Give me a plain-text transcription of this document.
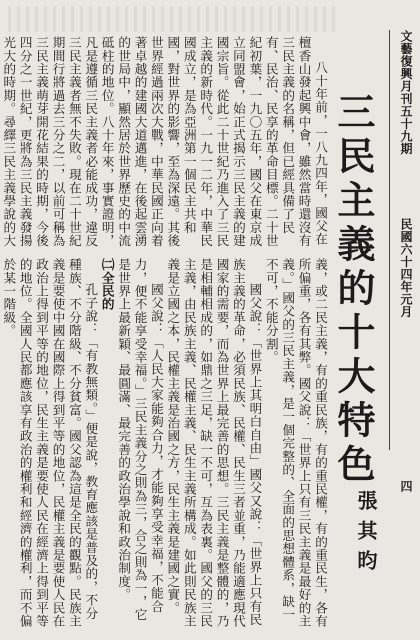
文藝復興月刊五十九期
民國六十四年元月
四
三民主義的十大特色
張其昀

八十年前，一八九四年，國父在檀香山發起興中會，雖然當時還沒有三民主義的名稱，但已經具備了民有、民治、民享的革命目標。二十世紀初葉，一九〇五年，國父在東京成立同盟會，始正式揭示三民主義的建國宗旨。從此二十世紀乃進入了三民主義的新時代。一九一二年，中華民國成立，是為亞洲第一個民主共和國，對世界的影響，至為深遠。其後世界經過兩次大戰，中華民國正向着著卓越的建國大道邁進，在後起雲湧的世局中，顯然居於世界歷史的中流砥柱的地位。八十年來，事實證明，凡是遵循三民主義者必能成功，違反三民主義者無不失敗。現在二十世紀期間行將過去三分之二，以前可稱為三民主義萌芽開花結果的時期，今後四分之一世紀，更將為三民主義發揚光大的時期。尋繹三民主義學說的大

義，或二民主義，有的重民族，有的重民權，有的重民生，各有所偏重，各有其弊。國父說：「世界上只有三民主義是最好的主義。」國父的三民主義，是一個完整的、全面的思想體系，缺一不可，不能分割。

國父說：「世界上其明白自由」國父又說：「世界上只有民族主義的革命，必須民族、民權、民生三者並重，乃能適應現代國家的需要，而為世界上最完善的思想。三民主義是整體的，乃是相輔相成的，如鼎之三足，缺一不可，互為表裏。國父的三民主義，由民族主義、民權主義、民生主義所構成。如此則民族主義是立國之本，民權主義是治國之方，民生主義是建國之實。

國父說：「人民大家能夠合力，才能夠享受幸福，不能合力，便不能享受幸福。」三民主義分之則為三，合之則為一，它是世界上最新穎、最圓滿、最完善的政治學說和政治制度。

㈡全民的

孔子說：「有教無類。」便是說，教育應該是普及的，不分種族、不分階級、不分貧富。國父認為這是全民的觀點。民族主義是要使中國在國際上得到平等的地位，民權主義是要使人民在政治上得到平等的地位，民生主義是要使人民在經濟上得到平等的地位。全國人民都應該享有政治的權利和經濟的權利，而不偏於某一階級。
